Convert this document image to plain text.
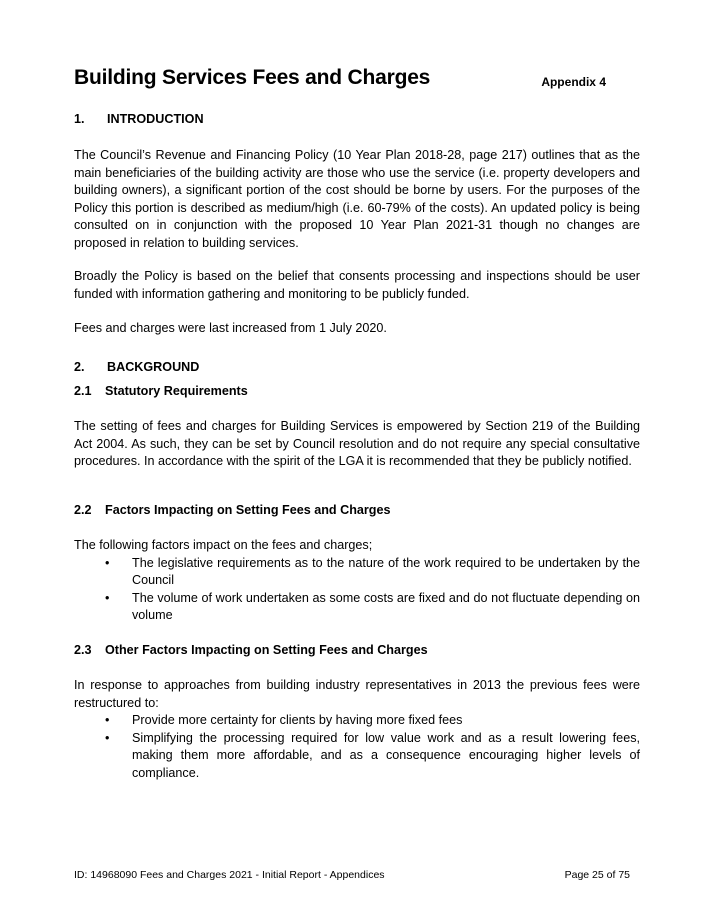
Building Services Fees and Charges	Appendix 4
1. INTRODUCTION
The Council’s Revenue and Financing Policy (10 Year Plan 2018-28, page 217) outlines that as the main beneficiaries of the building activity are those who use the service (i.e. property developers and building owners), a significant portion of the cost should be borne by users. For the purposes of the Policy this portion is described as medium/high (i.e. 60-79% of the costs). An updated policy is being consulted on in conjunction with the proposed 10 Year Plan 2021-31 though no changes are proposed in relation to building services.
Broadly the Policy is based on the belief that consents processing and inspections should be user funded with information gathering and monitoring to be publicly funded.
Fees and charges were last increased from 1 July 2020.
2. BACKGROUND
2.1 Statutory Requirements
The setting of fees and charges for Building Services is empowered by Section 219 of the Building Act 2004. As such, they can be set by Council resolution and do not require any special consultative procedures. In accordance with the spirit of the LGA it is recommended that they be publicly notified.
2.2 Factors Impacting on Setting Fees and Charges
The following factors impact on the fees and charges;
• The legislative requirements as to the nature of the work required to be undertaken by the Council
• The volume of work undertaken as some costs are fixed and do not fluctuate depending on volume
2.3 Other Factors Impacting on Setting Fees and Charges
In response to approaches from building industry representatives in 2013 the previous fees were restructured to:
• Provide more certainty for clients by having more fixed fees
• Simplifying the processing required for low value work and as a result lowering fees, making them more affordable, and as a consequence encouraging higher levels of compliance.
ID: 14968090 Fees and Charges 2021 - Initial Report - Appendices	Page 25 of 75
